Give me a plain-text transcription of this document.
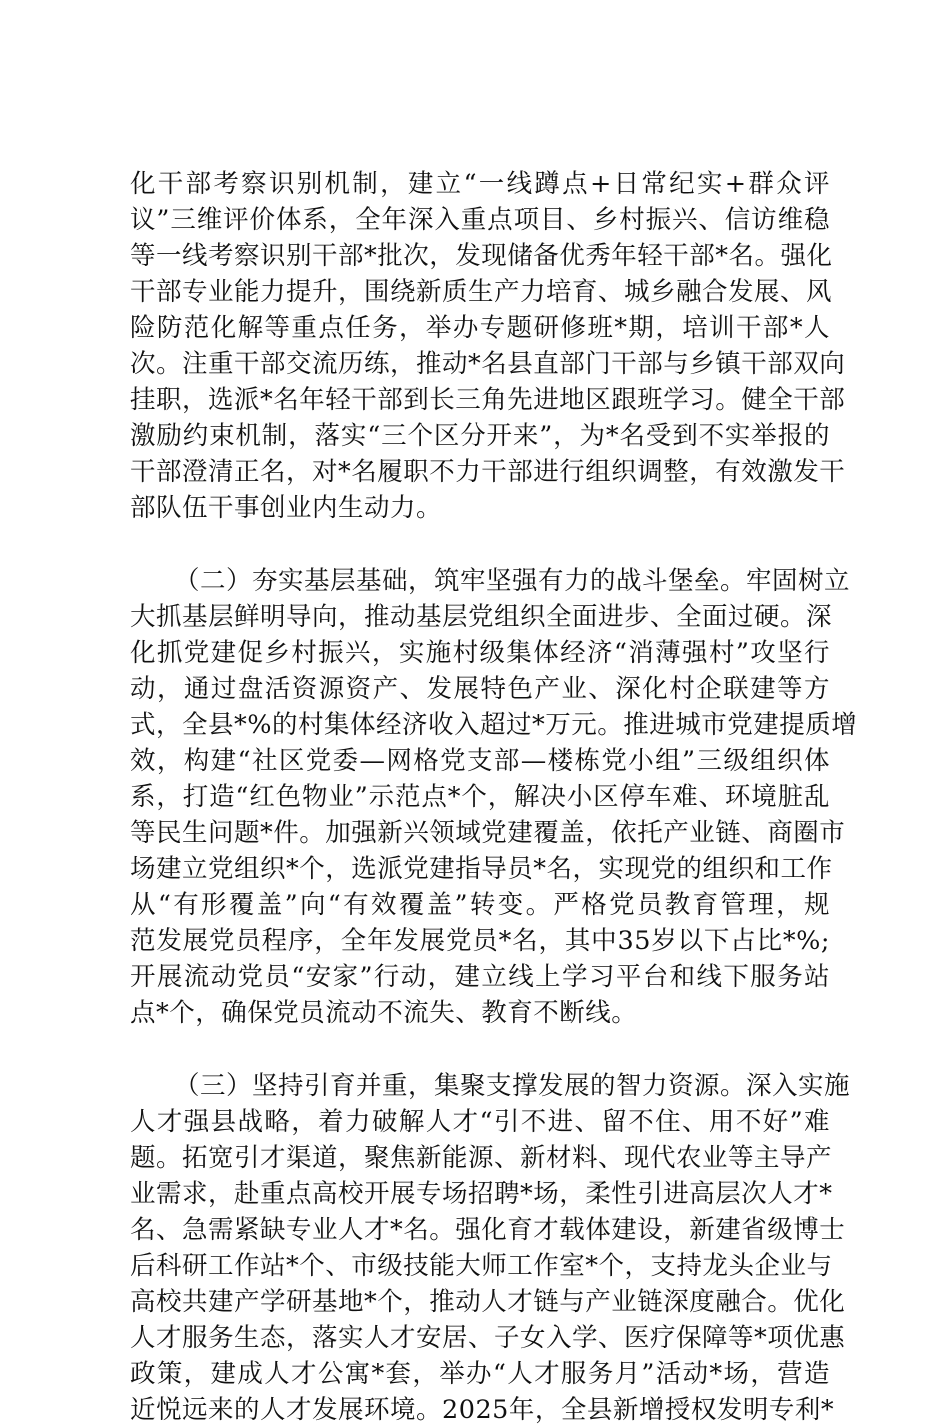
化干部考察识别机制，建立“一线蹲点+日常纪实+群众评
议”三维评价体系，全年深入重点项目、乡村振兴、信访维稳
等一线考察识别干部*批次，发现储备优秀年轻干部*名。强化
干部专业能力提升，围绕新质生产力培育、城乡融合发展、风
险防范化解等重点任务，举办专题研修班*期，培训干部*人
次。注重干部交流历练，推动*名县直部门干部与乡镇干部双向
挂职，选派*名年轻干部到长三角先进地区跟班学习。健全干部
激励约束机制，落实“三个区分开来”，为*名受到不实举报的
干部澄清正名，对*名履职不力干部进行组织调整，有效激发干
部队伍干事创业内生动力。
（二）夯实基层基础，筑牢坚强有力的战斗堡垒。牢固树立
大抓基层鲜明导向，推动基层党组织全面进步、全面过硬。深
化抓党建促乡村振兴，实施村级集体经济“消薄强村”攻坚行
动，通过盘活资源资产、发展特色产业、深化村企联建等方
式，全县*%的村集体经济收入超过*万元。推进城市党建提质增
效，构建“社区党委—网格党支部—楼栋党小组”三级组织体
系，打造“红色物业”示范点*个，解决小区停车难、环境脏乱
等民生问题*件。加强新兴领域党建覆盖，依托产业链、商圈市
场建立党组织*个，选派党建指导员*名，实现党的组织和工作
从“有形覆盖”向“有效覆盖”转变。严格党员教育管理，规
范发展党员程序，全年发展党员*名，其中35岁以下占比*%;
开展流动党员“安家”行动，建立线上学习平台和线下服务站
点*个，确保党员流动不流失、教育不断线。
（三）坚持引育并重，集聚支撑发展的智力资源。深入实施
人才强县战略，着力破解人才“引不进、留不住、用不好”难
题。拓宽引才渠道，聚焦新能源、新材料、现代农业等主导产
业需求，赴重点高校开展专场招聘*场，柔性引进高层次人才*
名、急需紧缺专业人才*名。强化育才载体建设，新建省级博士
后科研工作站*个、市级技能大师工作室*个，支持龙头企业与
高校共建产学研基地*个，推动人才链与产业链深度融合。优化
人才服务生态，落实人才安居、子女入学、医疗保障等*项优惠
政策，建成人才公寓*套，举办“人才服务月”活动*场，营造
近悦远来的人才发展环境。2025年，全县新增授权发明专利*
